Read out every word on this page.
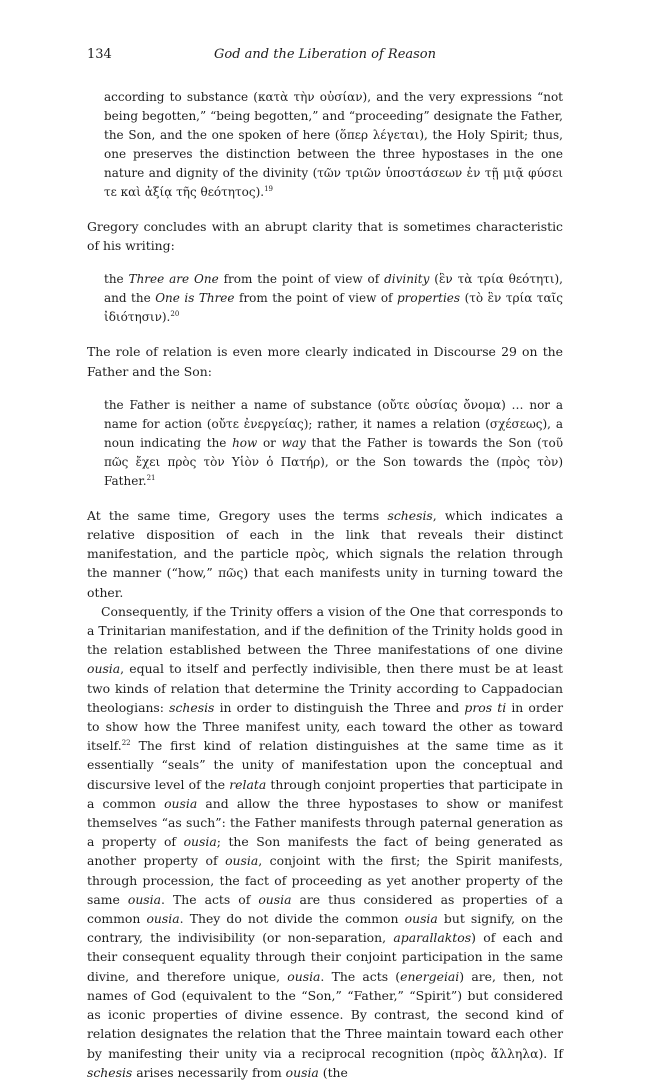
134	God and the Liberation of Reason

according to substance (κατὰ τὴν οὐσίαν), and the very expressions “not being begotten,” “being begotten,” and “proceeding” designate the Father, the Son, and the one spoken of here (ὅπερ λέγεται), the Holy Spirit; thus, one preserves the distinction between the three hypostases in the one nature and dignity of the divinity (τῶν τριῶν ὑποστάσεων ἐν τῇ μιᾷ φύσει τε καὶ ἀξίᾳ τῆς θεότητος).$^{19}$

Gregory concludes with an abrupt clarity that is sometimes characteristic of his writing:

the Three are One from the point of view of divinity (ἓν τὰ τρία θεότητι), and the One is Three from the point of view of properties (τὸ ἓν τρία ταῖς ἰδιότησιν).$^{20}$

The role of relation is even more clearly indicated in Discourse 29 on the Father and the Son:

the Father is neither a name of substance (οὔτε οὐσίας ὄνομα) … nor a name for action (οὔτε ἐνεργείας); rather, it names a relation (σχέσεως), a noun indicating the how or way that the Father is towards the Son (τοῦ πῶς ἔχει πρὸς τὸν Υἱὸν ὁ Πατήρ), or the Son towards the (πρὸς τὸν) Father.$^{21}$

At the same time, Gregory uses the terms schesis, which indicates a relative disposition of each in the link that reveals their distinct manifestation, and the particle πρὸς, which signals the relation through the manner (“how,” πῶς) that each manifests unity in turning toward the other.

Consequently, if the Trinity offers a vision of the One that corresponds to a Trinitarian manifestation, and if the definition of the Trinity holds good in the relation established between the Three manifestations of one divine ousia, equal to itself and perfectly indivisible, then there must be at least two kinds of relation that determine the Trinity according to Cappadocian theologians: schesis in order to distinguish the Three and pros ti in order to show how the Three manifest unity, each toward the other as toward itself.$^{22}$ The first kind of relation distinguishes at the same time as it essentially “seals” the unity of manifestation upon the conceptual and discursive level of the relata through conjoint properties that participate in a common ousia and allow the three hypostases to show or manifest themselves “as such”: the Father manifests through paternal generation as a property of ousia; the Son manifests the fact of being generated as another property of ousia, conjoint with the first; the Spirit manifests, through procession, the fact of proceeding as yet another property of the same ousia. The acts of ousia are thus considered as properties of a common ousia. They do not divide the common ousia but signify, on the contrary, the indivisibility (or non-separation, aparallaktos) of each and their consequent equality through their conjoint participation in the same divine, and therefore unique, ousia. The acts (energeiai) are, then, not names of God (equivalent to the “Son,” “Father,” “Spirit”) but considered as iconic properties of divine essence. By contrast, the second kind of relation designates the relation that the Three maintain toward each other by manifesting their unity via a reciprocal recognition (πρὸς ἄλληλα). If schesis arises necessarily from ousia (the
